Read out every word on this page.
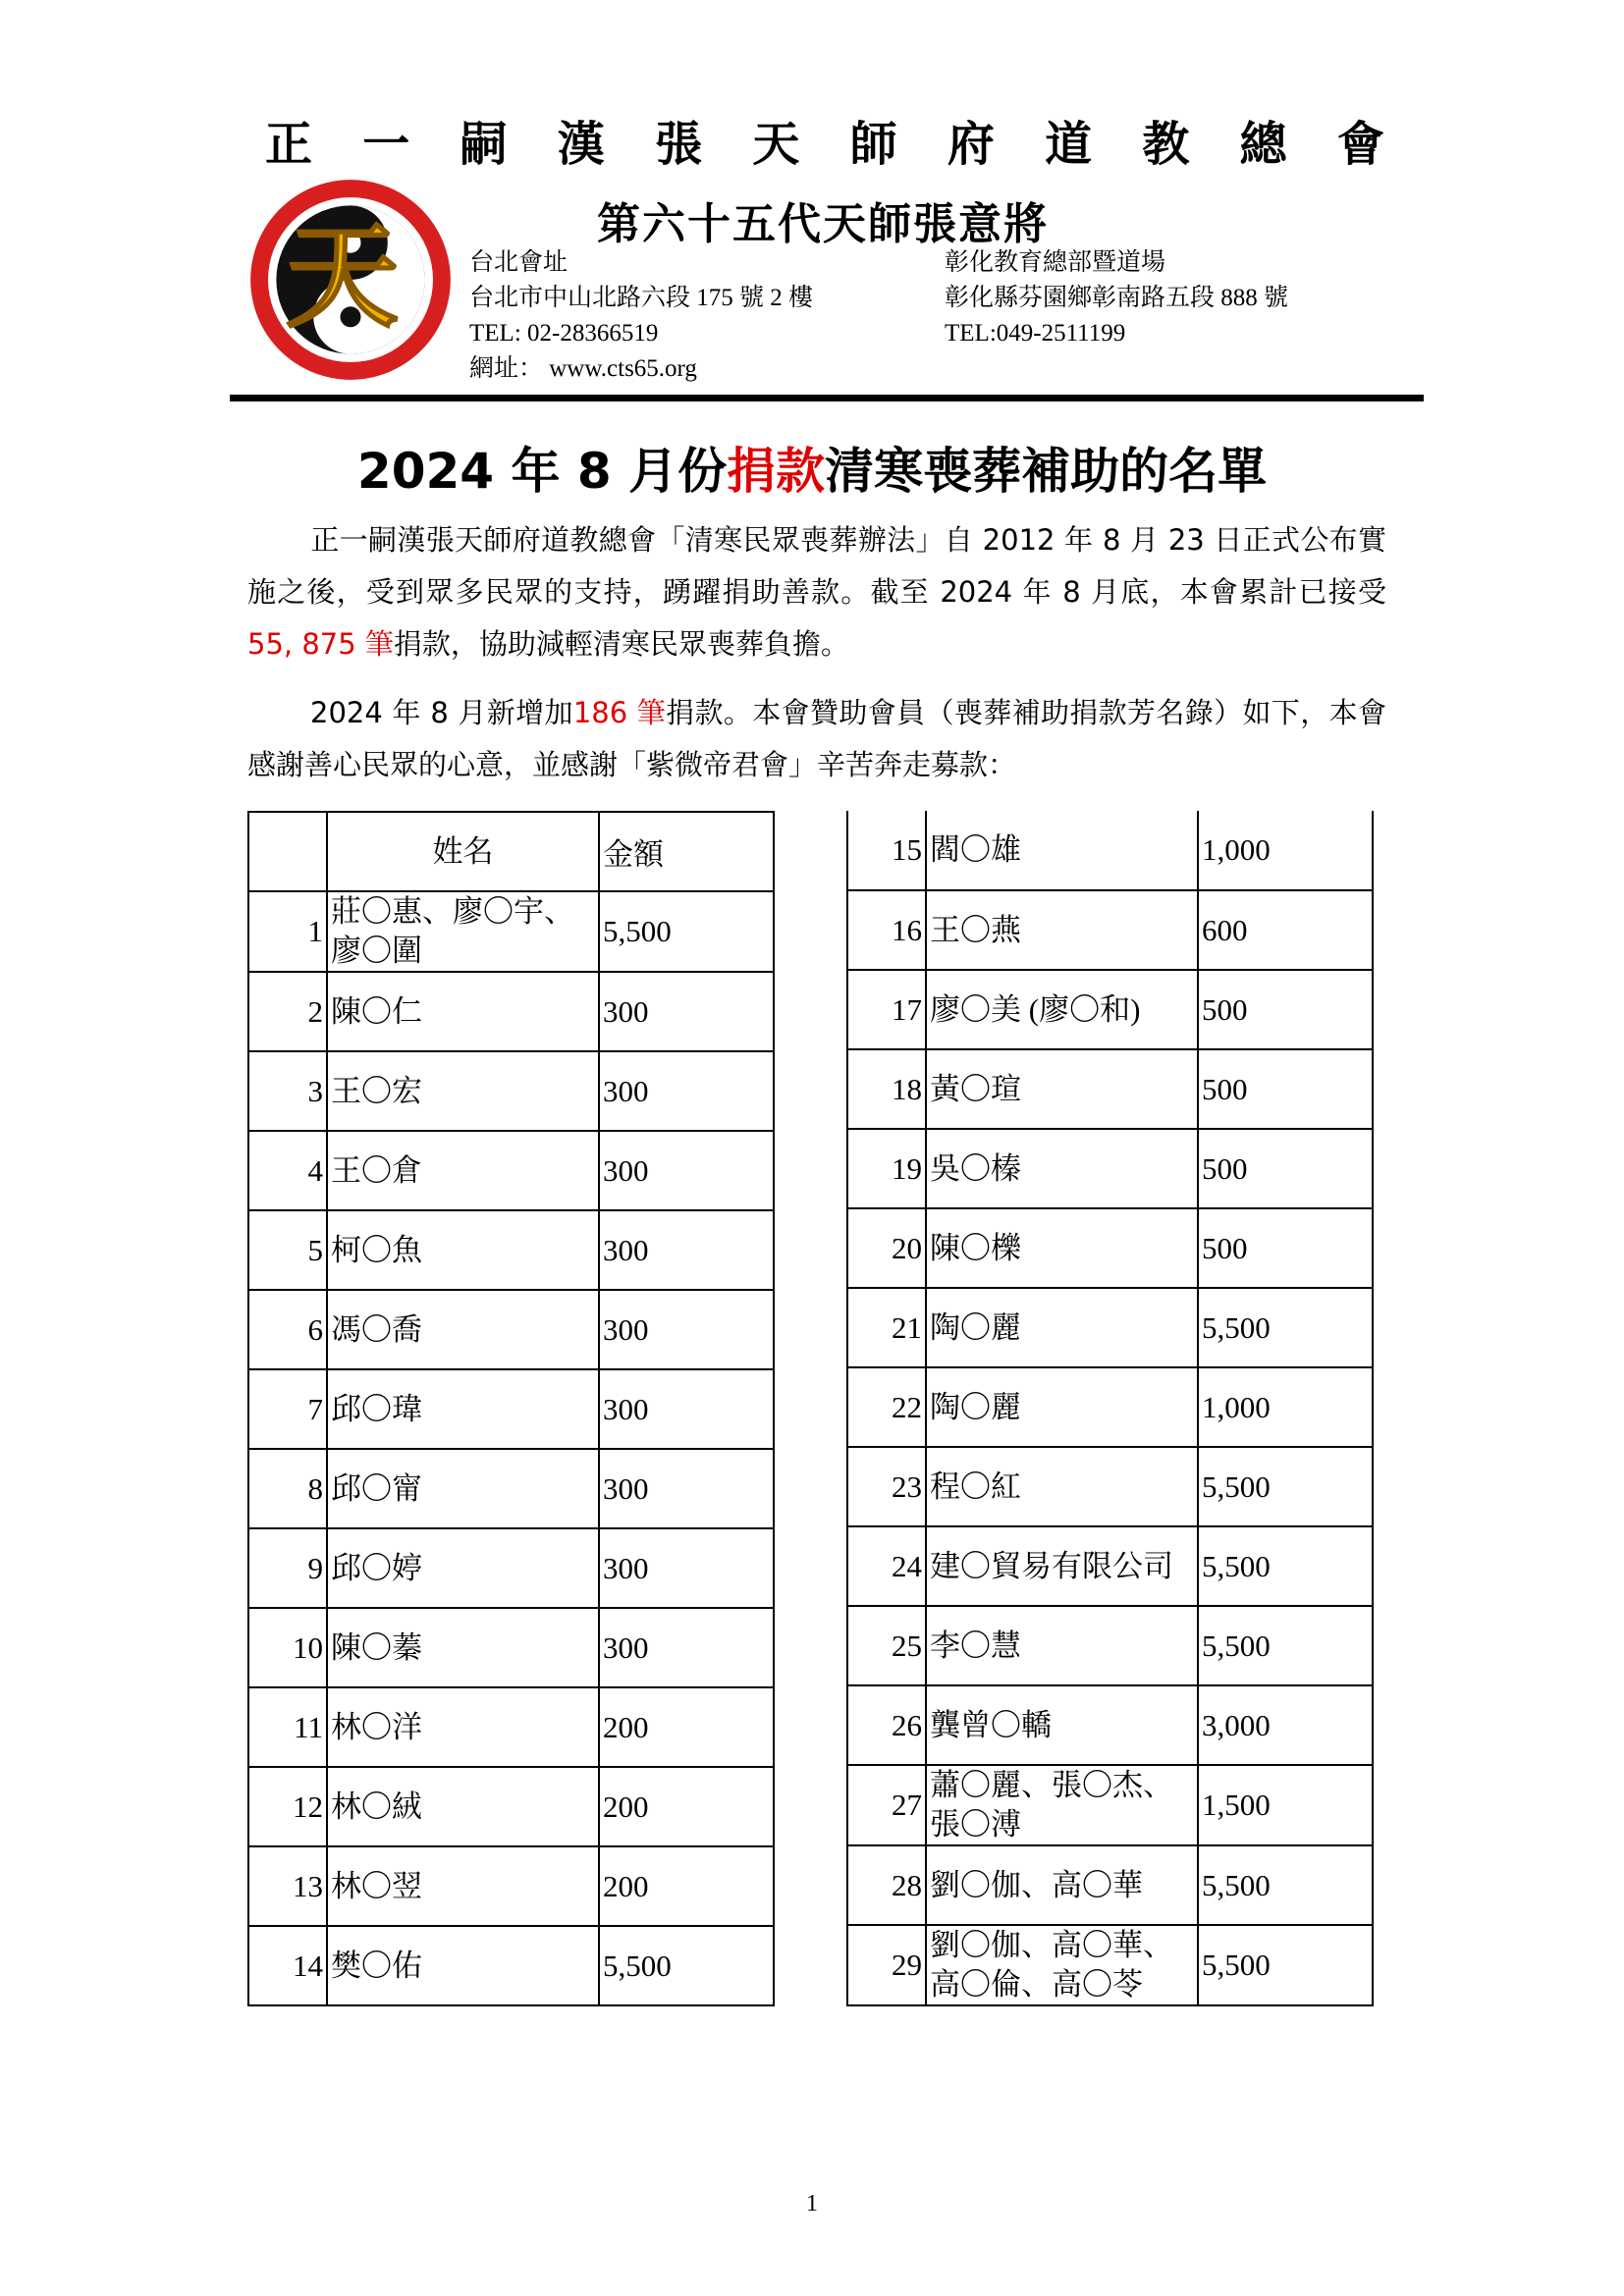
正 一 嗣 漢 張 天 師 府 道 教 總 會
天	第六十五代天師張意將
台北會址
台北市中山北路六段 175 號 2 樓
TEL: 02-28366519
網址： www.cts65.org
彰化教育總部暨道場
彰化縣芬園鄉彰南路五段 888 號
TEL:049-2511199
2024 年 8 月份捐款清寒喪葬補助的名單
正一嗣漢張天師府道教總會「清寒民眾喪葬辦法」自 2012 年 8 月 23 日正式公布實施之後，受到眾多民眾的支持，踴躍捐助善款。截至 2024 年 8 月底，本會累計已接受55, 875 筆捐款，協助減輕清寒民眾喪葬負擔。
2024 年 8 月新增加186 筆捐款。本會贊助會員（喪葬補助捐款芳名錄）如下，本會感謝善心民眾的心意，並感謝「紫微帝君會」辛苦奔走募款：
	姓名	金額
1	莊〇惠、廖〇宇、廖〇圍	5,500
2	陳〇仁	300
3	王〇宏	300
4	王〇倉	300
5	柯〇魚	300
6	馮〇喬	300
7	邱〇瑋	300
8	邱〇甯	300
9	邱〇婷	300
10	陳〇蓁	300
11	林〇洋	200
12	林〇絨	200
13	林〇翌	200
14	樊〇佑	5,500
15	閻〇雄	1,000
16	王〇燕	600
17	廖〇美 (廖〇和)	500
18	黃〇瑄	500
19	吳〇榛	500
20	陳〇櫟	500
21	陶〇麗	5,500
22	陶〇麗	1,000
23	程〇紅	5,500
24	建〇貿易有限公司	5,500
25	李〇慧	5,500
26	龔曾〇轎	3,000
27	蕭〇麗、張〇杰、張〇溥	1,500
28	劉〇伽、高〇華	5,500
29	劉〇伽、高〇華、高〇倫、高〇苓	5,500
1
